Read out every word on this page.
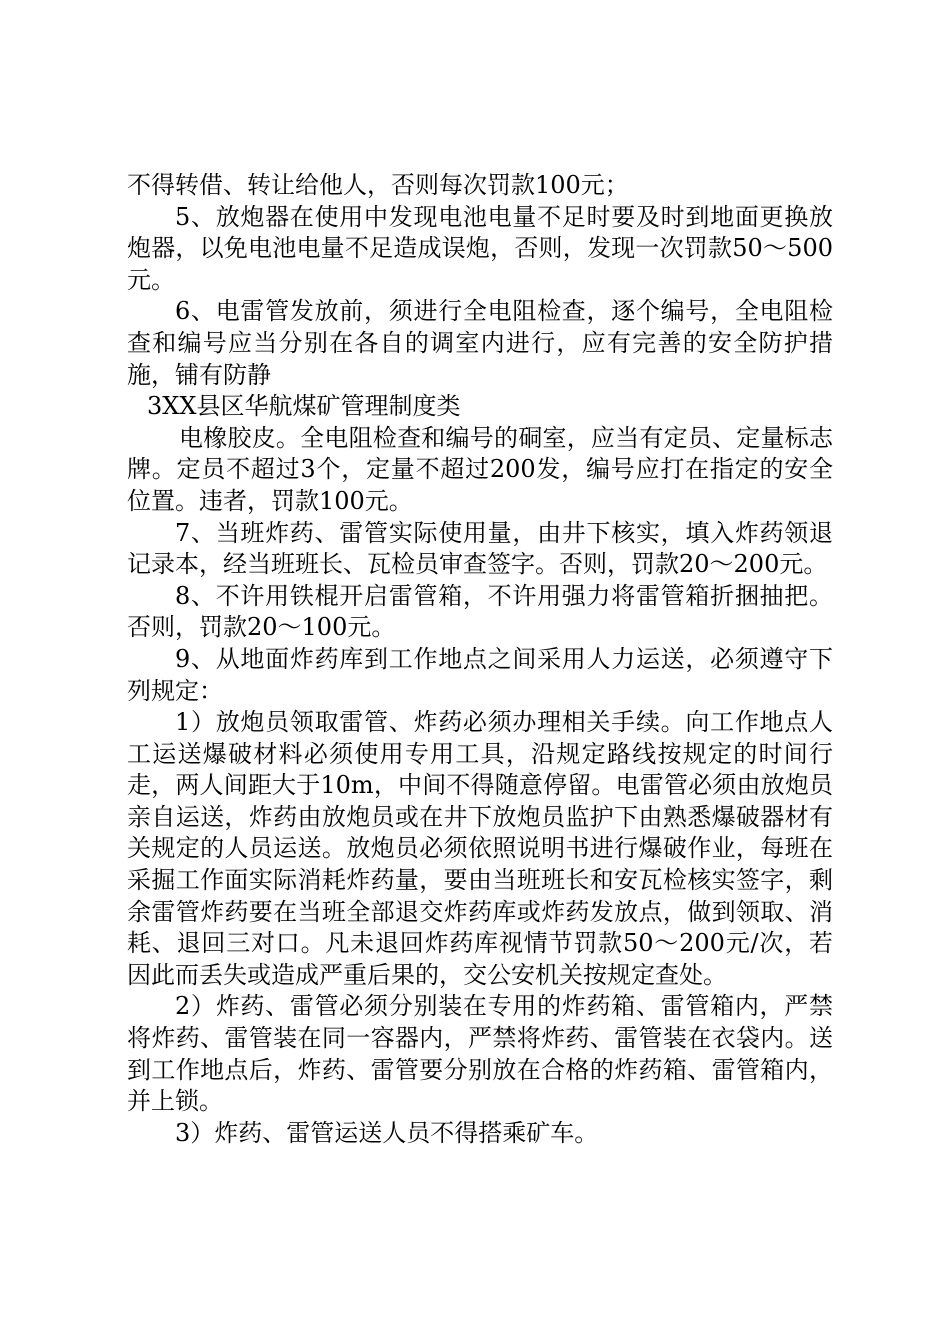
不得转借、转让给他人，否则每次罚款100元；

5、放炮器在使用中发现电池电量不足时要及时到地面更换放炮器，以免电池电量不足造成误炮，否则，发现一次罚款50～500元。

6、电雷管发放前，须进行全电阻检查，逐个编号，全电阻检查和编号应当分别在各自的调室内进行，应有完善的安全防护措施，铺有防静

3XX县区华航煤矿管理制度类

电橡胶皮。全电阻检查和编号的硐室，应当有定员、定量标志牌。定员不超过3个，定量不超过200发，编号应打在指定的安全位置。违者，罚款100元。

7、当班炸药、雷管实际使用量，由井下核实，填入炸药领退记录本，经当班班长、瓦检员审查签字。否则，罚款20～200元。

8、不许用铁棍开启雷管箱，不许用强力将雷管箱折捆抽把。否则，罚款20～100元。

9、从地面炸药库到工作地点之间采用人力运送，必须遵守下列规定：

1）放炮员领取雷管、炸药必须办理相关手续。向工作地点人工运送爆破材料必须使用专用工具，沿规定路线按规定的时间行走，两人间距大于10m，中间不得随意停留。电雷管必须由放炮员亲自运送，炸药由放炮员或在井下放炮员监护下由熟悉爆破器材有关规定的人员运送。放炮员必须依照说明书进行爆破作业，每班在采掘工作面实际消耗炸药量，要由当班班长和安瓦检核实签字，剩余雷管炸药要在当班全部退交炸药库或炸药发放点，做到领取、消耗、退回三对口。凡未退回炸药库视情节罚款50～200元/次，若因此而丢失或造成严重后果的，交公安机关按规定查处。

2）炸药、雷管必须分别装在专用的炸药箱、雷管箱内，严禁将炸药、雷管装在同一容器内，严禁将炸药、雷管装在衣袋内。送到工作地点后，炸药、雷管要分别放在合格的炸药箱、雷管箱内，并上锁。

3）炸药、雷管运送人员不得搭乘矿车。
